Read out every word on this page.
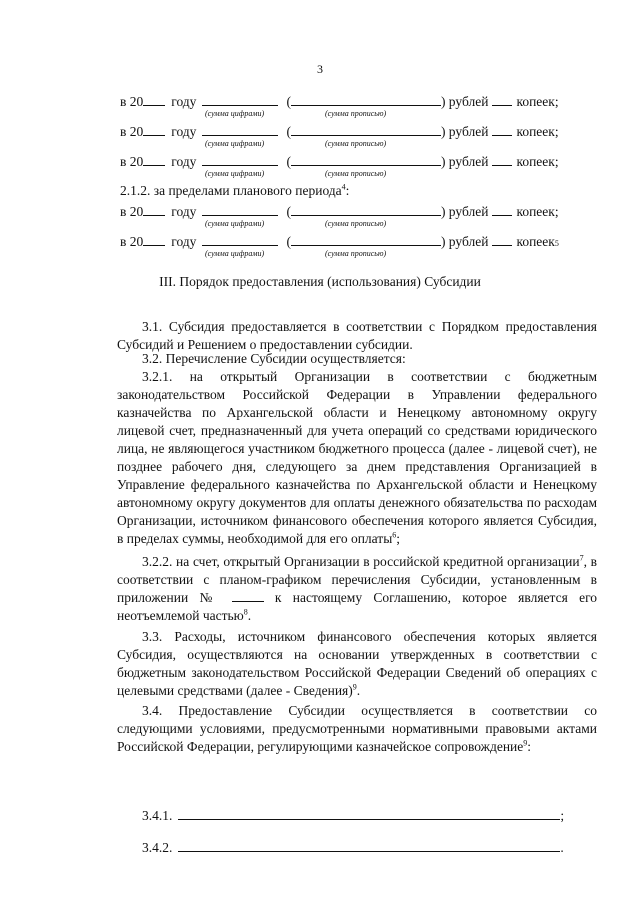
3
в 20 году	(	) рублей копеек;
(сумма цифрами)	(сумма прописью)
в 20 году	(	) рублей копеек;
(сумма цифрами)	(сумма прописью)
в 20 году	(	) рублей копеек;
(сумма цифрами)	(сумма прописью)
2.1.2. за пределами планового периода$^4$:
в 20 году	(	) рублей копеек;
(сумма цифрами)	(сумма прописью)
в 20 году	(	) рублей копеек 5
(сумма цифрами)	(сумма прописью)
III. Порядок предоставления (использования) Субсидии

3.1. Субсидия предоставляется в соответствии с Порядком предоставления Субсидий и Решением о предоставлении субсидии.

3.2. Перечисление Субсидии осуществляется:

3.2.1. на открытый Организации в соответствии с бюджетным законодательством Российской Федерации в Управлении федерального казначейства по Архангельской области и Ненецкому автономному округу лицевой счет, предназначенный для учета операций со средствами юридического лица, не являющегося участником бюджетного процесса (далее - лицевой счет), не позднее рабочего дня, следующего за днем представления Организацией в Управление федерального казначейства по Архангельской области и Ненецкому автономному округу документов для оплаты денежного обязательства по расходам Организации, источником финансового обеспечения которого является Субсидия, в пределах суммы, необходимой для его оплаты$^6$;

3.2.2. на счет, открытый Организации в российской кредитной организации$^7$, в соответствии с планом-графиком перечисления Субсидии, установленным в приложении №	к настоящему Соглашению, которое является его неотъемлемой частью$^8$.

3.3. Расходы, источником финансового обеспечения которых является Субсидия, осуществляются на основании утвержденных в соответствии с бюджетным законодательством Российской Федерации Сведений об операциях с целевыми средствами (далее - Сведения)$^9$.

3.4. Предоставление Субсидии осуществляется в соответствии со следующими условиями, предусмотренными нормативными правовыми актами Российской Федерации, регулирующими казначейское сопровождение$^9$:

3.4.1.	;
3.4.2.	.
